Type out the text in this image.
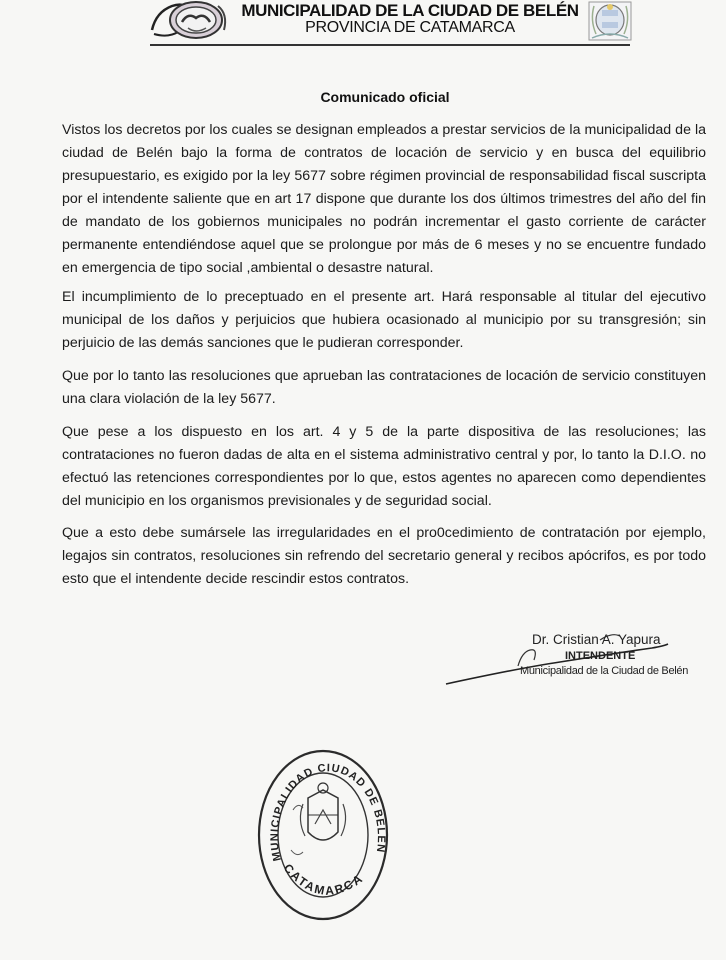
MUNICIPALIDAD DE LA CIUDAD DE BELÉN
PROVINCIA DE CATAMARCA
Comunicado oficial
Vistos los decretos por los cuales se designan empleados a prestar servicios de la municipalidad de la ciudad de Belén bajo la forma de contratos de locación de servicio y en busca del equilibrio presupuestario, es exigido por la ley 5677 sobre régimen provincial de responsabilidad fiscal suscripta por el intendente saliente que en art 17 dispone que durante los dos últimos trimestres del año del fin de mandato de los gobiernos municipales no podrán incrementar el gasto corriente de carácter permanente entendiéndose aquel que se prolongue por más de 6 meses y no se encuentre fundado en emergencia de tipo social ,ambiental o desastre natural.
El incumplimiento de lo preceptuado en el presente art. Hará responsable al titular del ejecutivo municipal de los daños y perjuicios que hubiera ocasionado al municipio por su transgresión; sin perjuicio de las demás sanciones que le pudieran corresponder.
Que por lo tanto las resoluciones que aprueban las contrataciones de locación de servicio constituyen una clara violación de la ley 5677.
Que pese a los dispuesto en los art. 4 y 5 de la parte dispositiva de las resoluciones; las contrataciones no fueron dadas de alta en el sistema administrativo central y por, lo tanto la D.I.O. no efectuó las retenciones correspondientes por lo que, estos agentes no aparecen como dependientes del municipio en los organismos previsionales y de seguridad social.
Que a esto debe sumársele las irregularidades en el pro0cedimiento de contratación por ejemplo, legajos sin contratos, resoluciones sin refrendo del secretario general y recibos apócrifos, es por todo esto que el intendente decide rescindir estos contratos.
Dr. Cristian A. Yapura
INTENDENTE
Municipalidad de la Ciudad de Belén
MUNICIPALIDAD CIUDAD DE BELÉN
CATAMARCA
